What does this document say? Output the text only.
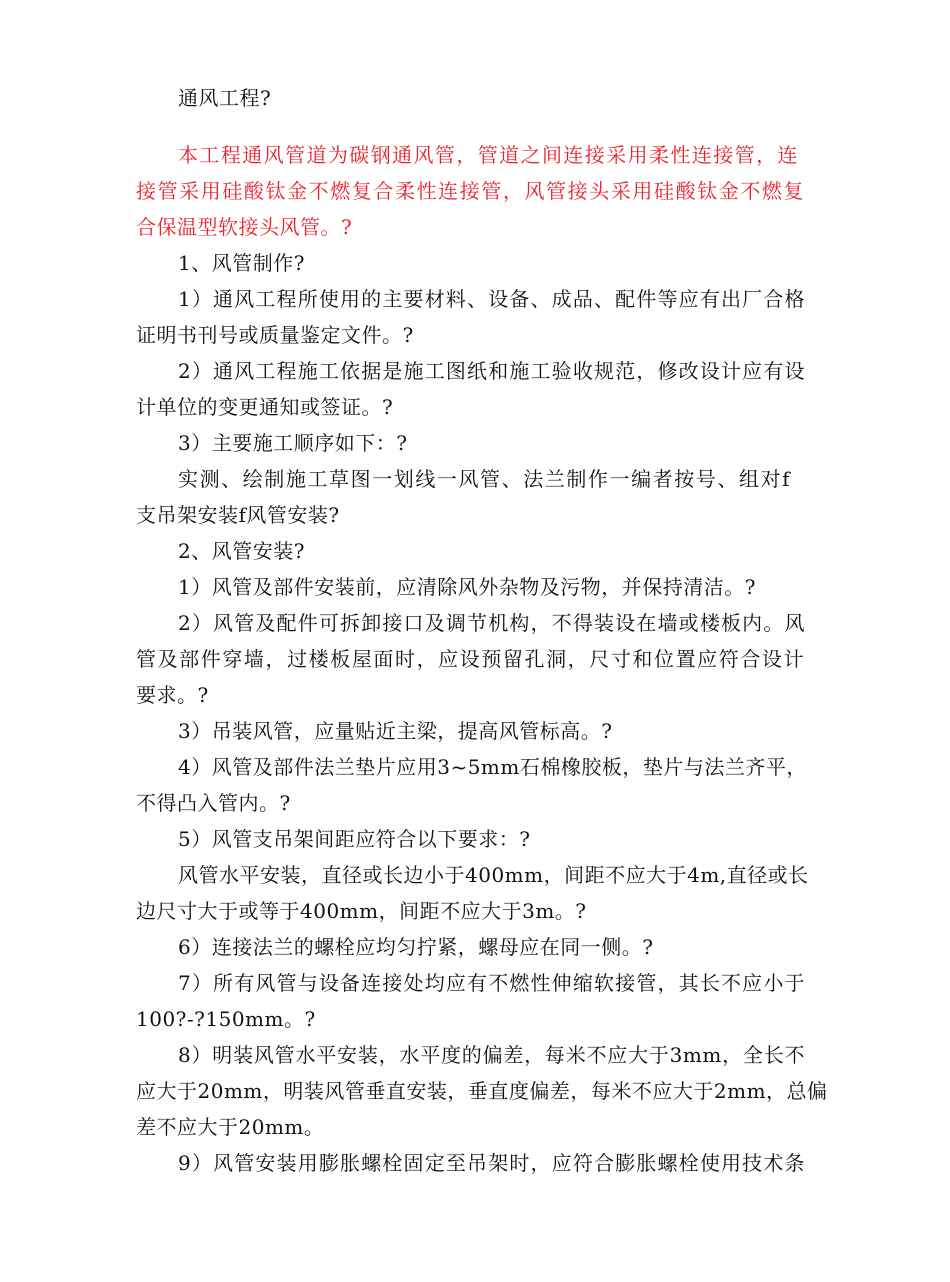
通风工程?
本工程通风管道为碳钢通风管，管道之间连接采用柔性连接管，连
接管采用硅酸钛金不燃复合柔性连接管，风管接头采用硅酸钛金不燃复
合保温型软接头风管。?
1、风管制作?
1）通风工程所使用的主要材料、设备、成品、配件等应有出厂合格
证明书刊号或质量鉴定文件。?
2）通风工程施工依据是施工图纸和施工验收规范，修改设计应有设
计单位的变更通知或签证。?
3）主要施工顺序如下：?
实测、绘制施工草图一划线一风管、法兰制作一编者按号、组对f
支吊架安装f风管安装?
2、风管安装?
1）风管及部件安装前，应清除风外杂物及污物，并保持清洁。?
2）风管及配件可拆卸接口及调节机构，不得装设在墙或楼板内。风
管及部件穿墙，过楼板屋面时，应设预留孔洞，尺寸和位置应符合设计
要求。?
3）吊装风管，应量贴近主梁，提高风管标高。?
4）风管及部件法兰垫片应用3~5mm石棉橡胶板，垫片与法兰齐平，
不得凸入管内。?
5）风管支吊架间距应符合以下要求：?
风管水平安装，直径或长边小于400mm，间距不应大于4m,直径或长
边尺寸大于或等于400mm，间距不应大于3m。?
6）连接法兰的螺栓应均匀拧紧，螺母应在同一侧。?
7）所有风管与设备连接处均应有不燃性伸缩软接管，其长不应小于
100?-?150mm。?
8）明装风管水平安装，水平度的偏差，每米不应大于3mm，全长不
应大于20mm，明装风管垂直安装，垂直度偏差，每米不应大于2mm，总偏
差不应大于20mm。
9）风管安装用膨胀螺栓固定至吊架时，应符合膨胀螺栓使用技术条
